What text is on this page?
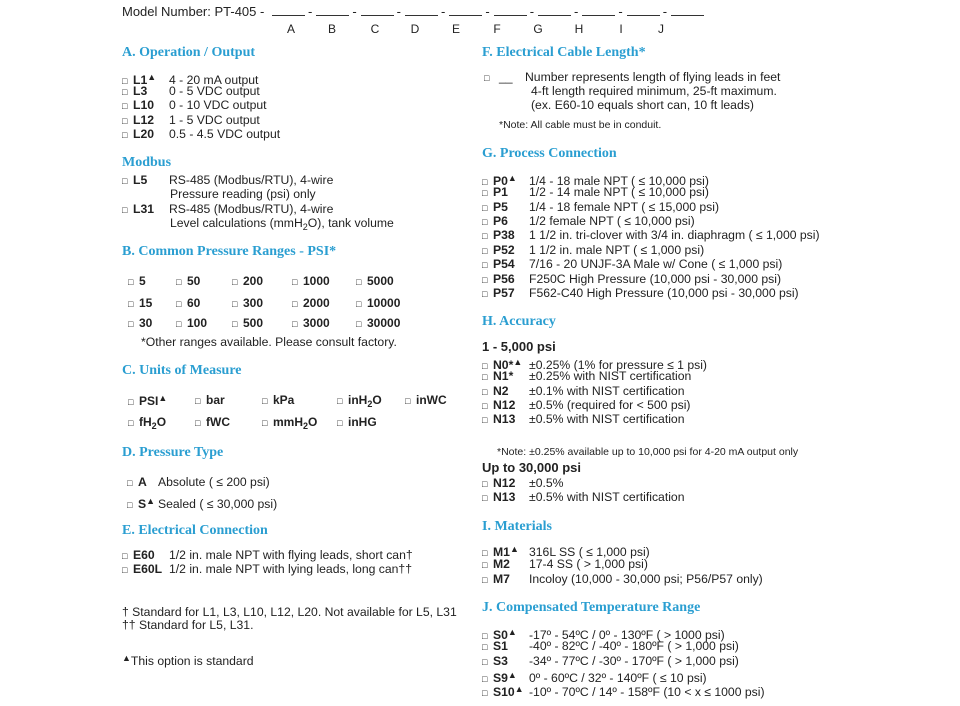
Model Number: PT-405 -	-	-	-	-	-	-	-	-	-
A	B	C	D	E	F	G	H	I	J
A. Operation / Output
□ L1▲ 4 - 20 mA output
□ L3 0 - 5 VDC output
□ L10 0 - 10 VDC output
□ L12 1 - 5 VDC output
□ L20 0.5 - 4.5 VDC output
Modbus
□ L5 RS-485 (Modbus/RTU), 4-wire
Pressure reading (psi) only
□ L31 RS-485 (Modbus/RTU), 4-wire
Level calculations (mmH$_2$O), tank volume
B. Common Pressure Ranges - PSI*
□ 5	□ 50	□ 200	□ 1000	□ 5000
□ 15	□ 60	□ 300	□ 2000	□ 10000
□ 30	□ 100	□ 500	□ 3000	□ 30000
*Other ranges available. Please consult factory.
C. Units of Measure
□ PSI▲	□ bar	□ kPa	□ inH$_2$O	□ inWC
□ $fH_2O$	□ fWC	□ mmH$_2$O □ inHG
D. Pressure Type
□ A Absolute ( ≤ 200 psi)
□ S▲ Sealed ( ≤ 30,000 psi)
E. Electrical Connection
□ E60 1/2 in. male NPT with flying leads, short can†
□ E60L 1/2 in. male NPT with lying leads, long can††
† Standard for L1, L3, L10, L12, L20. Not available for L5, L31
†† Standard for L5, L31.
▲This option is standard
F. Electrical Cable Length*
□ __ Number represents length of flying leads in feet
4-ft length required minimum, 25-ft maximum.
(ex. E60-10 equals short can, 10 ft leads)
*Note: All cable must be in conduit.
G. Process Connection
□ P0▲ 1/4 - 18 male NPT ( ≤ 10,000 psi)
□ P1 1/2 - 14 male NPT ( ≤ 10,000 psi)
□ P5 1/4 - 18 female NPT ( ≤ 15,000 psi)
□ P6 1/2 female NPT ( ≤ 10,000 psi)
□ P38 1 1/2 in. tri-clover with 3/4 in. diaphragm ( ≤ 1,000 psi)
□ P52 1 1/2 in. male NPT ( ≤ 1,000 psi)
□ P54 7/16 - 20 UNJF-3A Male w/ Cone ( ≤ 1,000 psi)
□ P56 F250C High Pressure (10,000 psi - 30,000 psi)
□ P57 F562-C40 High Pressure (10,000 psi - 30,000 psi)
H. Accuracy
1 - 5,000 psi
□ N0*▲ ±0.25% (1% for pressure ≤ 1 psi)
□ N1* ±0.25% with NIST certification
□ N2 ±0.1% with NIST certification
□ N12 ±0.5% (required for < 500 psi)
□ N13 ±0.5% with NIST certification
*Note: ±0.25% available up to 10,000 psi for 4-20 mA output only
Up to 30,000 psi
□ N12 ±0.5%
□ N13 ±0.5% with NIST certification
I. Materials
□ M1▲ 316L SS ( ≤ 1,000 psi)
□ M2 17-4 SS ( > 1,000 psi)
□ M7 Incoloy (10,000 - 30,000 psi; P56/P57 only)
J. Compensated Temperature Range
□ S0▲ -17º - 54ºC / 0º - 130ºF ( > 1000 psi)
□ S1 -40º - 82ºC / -40º - 180ºF ( > 1,000 psi)
□ S3 -34º - 77ºC / -30º - 170ºF ( > 1,000 psi)
□ S9▲ 0º - 60ºC / 32º - 140ºF ( ≤ 10 psi)
□ S10▲ -10º - 70ºC / 14º - 158ºF (10 < x ≤ 1000 psi)
